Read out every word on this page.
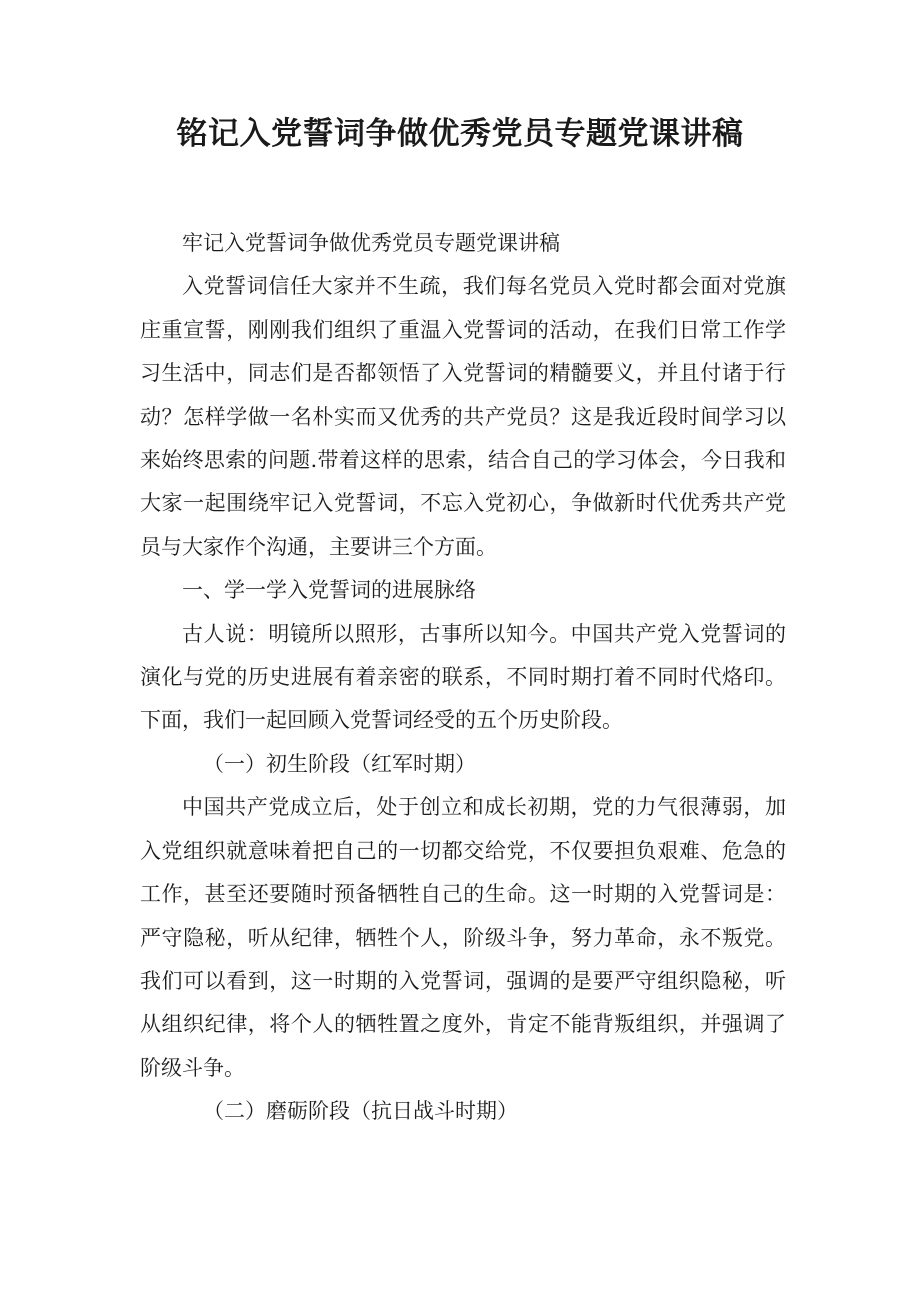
铭记入党誓词争做优秀党员专题党课讲稿

牢记入党誓词争做优秀党员专题党课讲稿

入党誓词信任大家并不生疏，我们每名党员入党时都会面对党旗庄重宣誓，刚刚我们组织了重温入党誓词的活动，在我们日常工作学习生活中，同志们是否都领悟了入党誓词的精髓要义，并且付诸于行动？怎样学做一名朴实而又优秀的共产党员？这是我近段时间学习以来始终思索的问题.带着这样的思索，结合自己的学习体会，今日我和大家一起围绕牢记入党誓词，不忘入党初心，争做新时代优秀共产党员与大家作个沟通，主要讲三个方面。

一、学一学入党誓词的进展脉络

古人说：明镜所以照形，古事所以知今。中国共产党入党誓词的演化与党的历史进展有着亲密的联系，不同时期打着不同时代烙印。下面，我们一起回顾入党誓词经受的五个历史阶段。

（一）初生阶段（红军时期）

中国共产党成立后，处于创立和成长初期，党的力气很薄弱，加入党组织就意味着把自己的一切都交给党，不仅要担负艰难、危急的工作，甚至还要随时预备牺牲自己的生命。这一时期的入党誓词是：严守隐秘，听从纪律，牺牲个人，阶级斗争，努力革命，永不叛党。我们可以看到，这一时期的入党誓词，强调的是要严守组织隐秘，听从组织纪律，将个人的牺牲置之度外，肯定不能背叛组织，并强调了阶级斗争。

（二）磨砺阶段（抗日战斗时期）
